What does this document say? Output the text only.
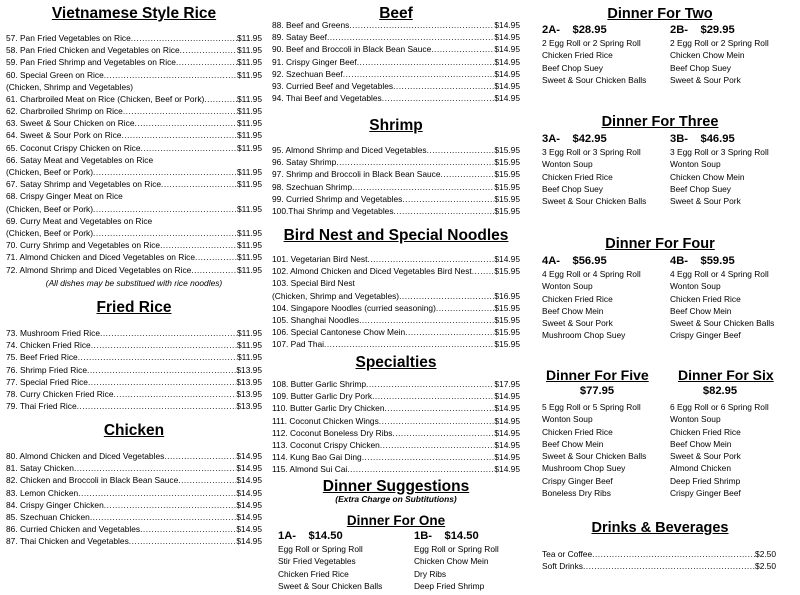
Vietnamese Style Rice
57. Pan Fried Vegetables on Rice .....	$11.95
58. Pan Fried Chicken and Vegetables on Rice .....	$11.95
59. Pan Fried Shrimp and Vegetables on Rice .....	$11.95
60. Special Green on Rice .....	$11.95
(Chicken, Shrimp and Vegetables)
61. Charbroiled Meat on Rice (Chicken, Beef or Pork) .....	$11.95
62. Charbroiled Shrimp on Rice .....	$11.95
63. Sweet & Sour Chicken on Rice .....	$11.95
64. Sweet & Sour Pork on Rice .....	$11.95
65. Coconut Crispy Chicken on Rice .....	$11.95
66. Satay Meat and Vegetables on Rice
(Chicken, Beef or Pork) .....	$11.95
67. Satay Shrimp and Vegetables on Rice .....	$11.95
68. Crispy Ginger Meat on Rice
(Chicken, Beef or Pork) .....	$11.95
69. Curry Meat and Vegetables on Rice
(Chicken, Beef or Pork) .....	$11.95
70. Curry Shrimp and Vegetables on Rice .....	$11.95
71. Almond Chicken and Diced Vegetables on Rice .....	$11.95
72. Almond Shrimp and Diced Vegetables on Rice .....	$11.95
(All dishes may be substitued with rice noodles)
Fried Rice
73. Mushroom Fried Rice .....	$11.95
74. Chicken Fried Rice .....	$11.95
75. Beef Fried Rice .....	$11.95
76. Shrimp Fried Rice .....	$13.95
77. Special Fried Rice .....	$13.95
78. Curry Chicken Fried Rice .....	$13.95
79. Thai Fried Rice .....	$13.95
Chicken
80. Almond Chicken and Diced Vegetables .....	$14.95
81. Satay Chicken .....	$14.95
82. Chicken and Broccoli in Black Bean Sauce .....	$14.95
83. Lemon Chicken .....	$14.95
84. Crispy Ginger Chicken .....	$14.95
85. Szechuan Chicken .....	$14.95
86. Curried Chicken and Vegetables .....	$14.95
87. Thai Chicken and Vegetables .....	$14.95
Beef
88. Beef and Greens .....	$14.95
89. Satay Beef .....	$14.95
90. Beef and Broccoli in Black Bean Sauce .....	$14.95
91. Crispy Ginger Beef .....	$14.95
92. Szechuan Beef .....	$14.95
93. Curried Beef and Vegetables .....	$14.95
94. Thai Beef and Vegetables .....	$14.95
Shrimp
95. Almond Shrimp and Diced Vegetables .....	$15.95
96. Satay Shrimp .....	$15.95
97. Shrimp and Broccoli in Black Bean Sauce .....	$15.95
98. Szechuan Shrimp .....	$15.95
99. Curried Shrimp and Vegetables .....	$15.95
100.Thai Shrimp and Vegetables .....	$15.95
Bird Nest and Special Noodles
101. Vegetarian Bird Nest .....	$14.95
102. Almond Chicken and Diced Vegetables Bird Nest .....	$15.95
103. Special Bird Nest
(Chicken, Shrimp and Vegetables) .....	$16.95
104. Singapore Noodles (curried seasoning) .....	$15.95
105. Shanghai Noodles .....	$15.95
106. Special Cantonese Chow Mein .....	$15.95
107. Pad Thai .....	$15.95
Specialties
108. Butter Garlic Shrimp .....	$17.95
109. Butter Garlic Dry Pork .....	$14.95
110. Butter Garlic Dry Chicken .....	$14.95
111. Coconut Chicken Wings .....	$14.95
112. Coconut Boneless Dry Ribs .....	$14.95
113. Coconut Crispy Chicken .....	$14.95
114. Kung Bao Gai Ding .....	$14.95
115. Almond Sui Cai .....	$14.95
Dinner Suggestions
(Extra Charge on Subtitutions)
Dinner For One
1A- $14.50
Egg Roll or Spring Roll
Stir Fried Vegetables
Chicken Fried Rice
Sweet & Sour Chicken Balls
1B- $14.50
Egg Roll or Spring Roll
Chicken Chow Mein
Dry Ribs
Deep Fried Shrimp
Dinner For Two
2A- $28.95
2 Egg Roll or 2 Spring Roll
Chicken Fried Rice
Beef Chop Suey
Sweet & Sour Chicken Balls
2B- $29.95
2 Egg Roll or 2 Spring Roll
Chicken Chow Mein
Beef Chop Suey
Sweet & Sour Pork
Dinner For Three
3A- $42.95
3 Egg Roll or 3 Spring Roll
Wonton Soup
Chicken Fried Rice
Beef Chop Suey
Sweet & Sour Chicken Balls
3B- $46.95
3 Egg Roll or 3 Spring Roll
Wonton Soup
Chicken Chow Mein
Beef Chop Suey
Sweet & Sour Pork
Dinner For Four
4A- $56.95
4 Egg Roll or 4 Spring Roll
Wonton Soup
Chicken Fried Rice
Beef Chow Mein
Sweet & Sour Pork
Mushroom Chop Suey
4B- $59.95
4 Egg Roll or 4 Spring Roll
Wonton Soup
Chicken Fried Rice
Beef Chow Mein
Sweet & Sour Chicken Balls
Crispy Ginger Beef
Dinner For Five
$77.95
5 Egg Roll or 5 Spring Roll
Wonton Soup
Chicken Fried Rice
Beef Chow Mein
Sweet & Sour Chicken Balls
Mushroom Chop Suey
Crispy Ginger Beef
Boneless Dry Ribs
Dinner For Six
$82.95
6 Egg Roll or 6 Spring Roll
Wonton Soup
Chicken Fried Rice
Beef Chow Mein
Sweet & Sour Pork
Almond Chicken
Deep Fried Shrimp
Crispy Ginger Beef
Drinks & Beverages
Tea or Coffee .....	$2.50
Soft Drinks .....	$2.50
